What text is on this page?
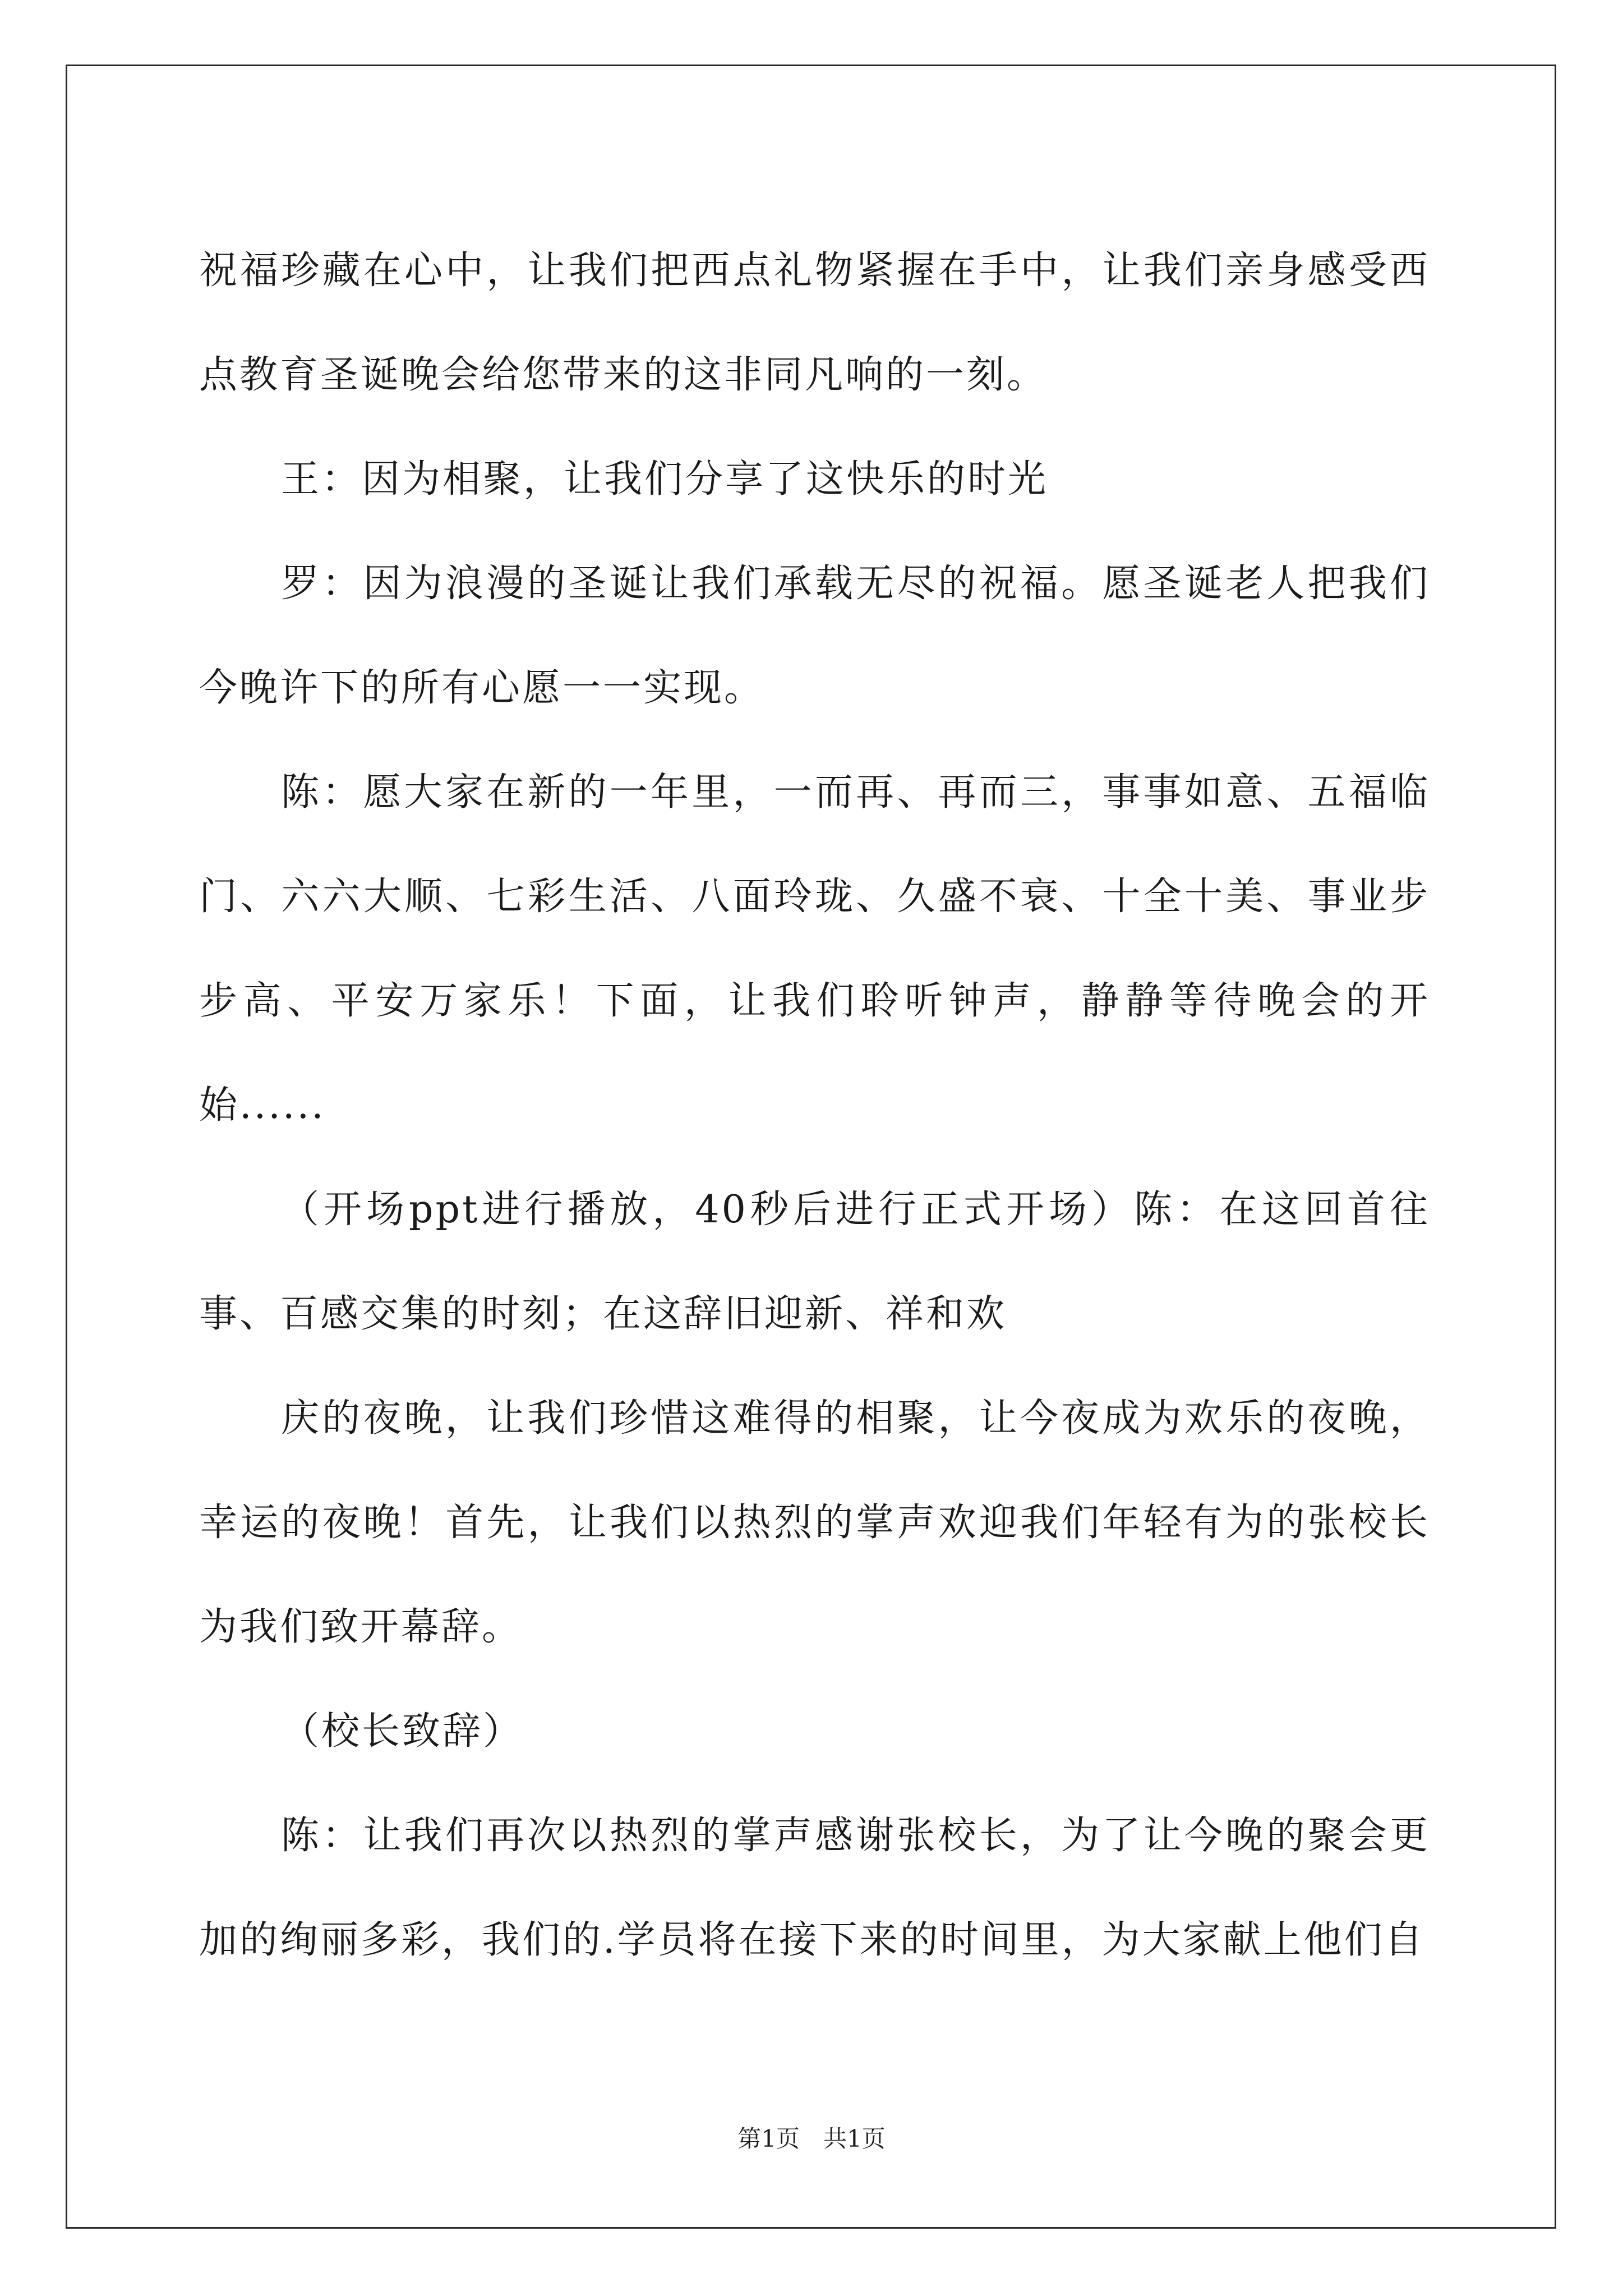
祝福珍藏在心中，让我们把西点礼物紧握在手中，让我们亲身感受西点教育圣诞晚会给您带来的这非同凡响的一刻。

王：因为相聚，让我们分享了这快乐的时光

罗：因为浪漫的圣诞让我们承载无尽的祝福。愿圣诞老人把我们今晚许下的所有心愿一一实现。

陈：愿大家在新的一年里，一而再、再而三，事事如意、五福临门、六六大顺、七彩生活、八面玲珑、久盛不衰、十全十美、事业步步高、平安万家乐！下面，让我们聆听钟声，静静等待晚会的开始......

（开场ppt进行播放，40秒后进行正式开场）陈：在这回首往事、百感交集的时刻；在这辞旧迎新、祥和欢

庆的夜晚，让我们珍惜这难得的相聚，让今夜成为欢乐的夜晚，幸运的夜晚！首先，让我们以热烈的掌声欢迎我们年轻有为的张校长为我们致开幕辞。

（校长致辞）

陈：让我们再次以热烈的掌声感谢张校长，为了让今晚的聚会更加的绚丽多彩，我们的.学员将在接下来的时间里，为大家献上他们自

第1页　共1页
